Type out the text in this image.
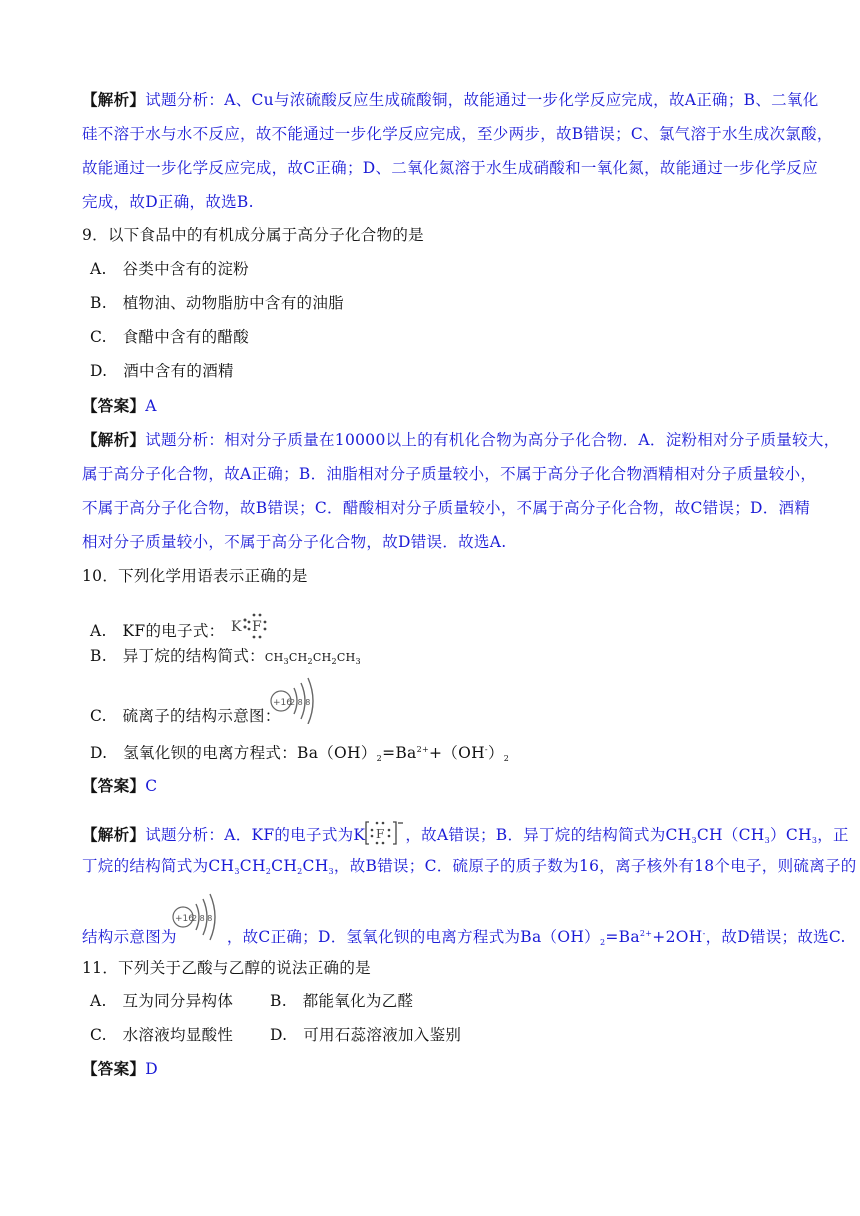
【解析】试题分析：A、Cu与浓硫酸反应生成硫酸铜，故能通过一步化学反应完成，故A正确；B、二氧化
硅不溶于水与水不反应，故不能通过一步化学反应完成，至少两步，故B错误；C、氯气溶于水生成次氯酸，
故能通过一步化学反应完成，故C正确；D、二氧化氮溶于水生成硝酸和一氧化氮，故能通过一步化学反应
完成，故D正确，故选B.
9．以下食品中的有机成分属于高分子化合物的是
A.　谷类中含有的淀粉
B.　植物油、动物脂肪中含有的油脂
C.　食醋中含有的醋酸
D.　酒中含有的酒精
【答案】A
【解析】试题分析：相对分子质量在10000以上的有机化合物为高分子化合物．A．淀粉相对分子质量较大，
属于高分子化合物，故A正确；B．油脂相对分子质量较小，不属于高分子化合物酒精相对分子质量较小，
不属于高分子化合物，故B错误；C．醋酸相对分子质量较小，不属于高分子化合物，故C错误；D．酒精
相对分子质量较小，不属于高分子化合物，故D错误．故选A.
10．下列化学用语表示正确的是
A.　KF的电子式： K F
B.　异丁烷的结构简式：$CH_3CH_2CH_2CH_3$
C.　硫离子的结构示意图：
+16
2 8 8
D.　氢氧化钡的电离方程式：$Ba(OH)_2=Ba^{2+}+(OH^-)_2$
【答案】C
【解析】试题分析：A．KF的电子式为K F ，故A错误；B．异丁烷的结构简式为$CH_3CH(CH_3)CH_3$，正
丁烷的结构简式为$CH_3CH_2CH_2CH_3$，故B错误；C．硫原子的质子数为16，离子核外有18个电子，则硫离子的
结构示意图为	，故C正确；D．氢氧化钡的电离方程式为$Ba(OH)_2=Ba^{2+}+2OH^-$，故D错误；故选C.
+16
2 8 8
11．下列关于乙酸与乙醇的说法正确的是
A.　互为同分异构体 B.　都能氧化为乙醛
C.　水溶液均显酸性 D.　可用石蕊溶液加入鉴别
【答案】D
